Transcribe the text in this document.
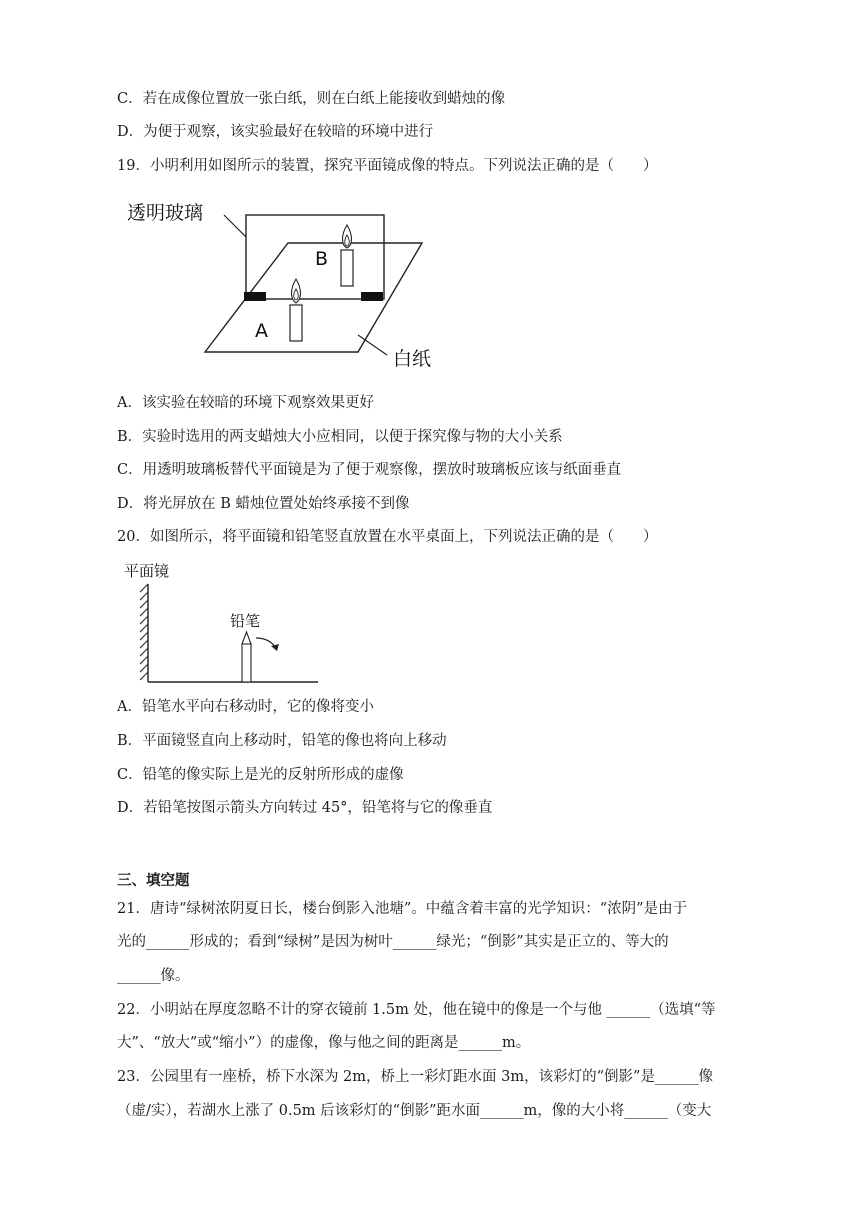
C．若在成像位置放一张白纸，则在白纸上能接收到蜡烛的像
D．为便于观察，该实验最好在较暗的环境中进行
19．小明利用如图所示的装置，探究平面镜成像的特点。下列说法正确的是（　　）
透明玻璃
B
A
白纸
A．该实验在较暗的环境下观察效果更好
B．实验时选用的两支蜡烛大小应相同，以便于探究像与物的大小关系
C．用透明玻璃板替代平面镜是为了便于观察像，摆放时玻璃板应该与纸面垂直
D．将光屏放在 B 蜡烛位置处始终承接不到像
20．如图所示，将平面镜和铅笔竖直放置在水平桌面上，下列说法正确的是（　　）
平面镜
铅笔
A．铅笔水平向右移动时，它的像将变小
B．平面镜竖直向上移动时，铅笔的像也将向上移动
C．铅笔的像实际上是光的反射所形成的虚像
D．若铅笔按图示箭头方向转过 45°，铅笔将与它的像垂直
三、填空题
21．唐诗“绿树浓阴夏日长，楼台倒影入池塘”。中蕴含着丰富的光学知识：“浓阴”是由于
光的______形成的；看到“绿树”是因为树叶______绿光；“倒影”其实是正立的、等大的
______像。
22．小明站在厚度忽略不计的穿衣镜前 1.5m 处，他在镜中的像是一个与他 ______（选填“等
大”、“放大”或“缩小”）的虚像，像与他之间的距离是______m。
23．公园里有一座桥，桥下水深为 2m，桥上一彩灯距水面 3m，该彩灯的“倒影”是______像
（虚/实），若湖水上涨了 0.5m 后该彩灯的“倒影”距水面______m，像的大小将______（变大
